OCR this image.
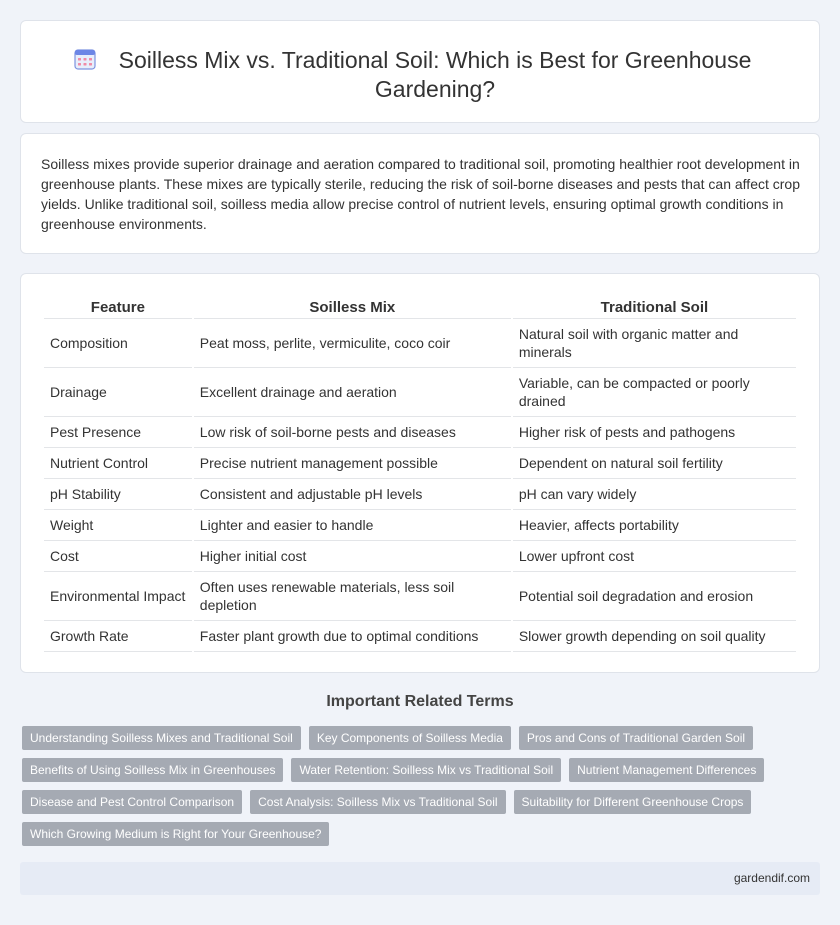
Soilless Mix vs. Traditional Soil: Which is Best for Greenhouse Gardening?

Soilless mixes provide superior drainage and aeration compared to traditional soil, promoting healthier root development in greenhouse plants. These mixes are typically sterile, reducing the risk of soil-borne diseases and pests that can affect crop yields. Unlike traditional soil, soilless media allow precise control of nutrient levels, ensuring optimal growth conditions in greenhouse environments.

Feature	Soilless Mix	Traditional Soil
Composition	Peat moss, perlite, vermiculite, coco coir	Natural soil with organic matter and minerals
Drainage	Excellent drainage and aeration	Variable, can be compacted or poorly drained
Pest Presence	Low risk of soil-borne pests and diseases	Higher risk of pests and pathogens
Nutrient Control	Precise nutrient management possible	Dependent on natural soil fertility
pH Stability	Consistent and adjustable pH levels	pH can vary widely
Weight	Lighter and easier to handle	Heavier, affects portability
Cost	Higher initial cost	Lower upfront cost
Environmental Impact	Often uses renewable materials, less soil depletion	Potential soil degradation and erosion
Growth Rate	Faster plant growth due to optimal conditions	Slower growth depending on soil quality
Important Related Terms
Understanding Soilless Mixes and Traditional Soil	Key Components of Soilless Media	Pros and Cons of Traditional Garden Soil
Benefits of Using Soilless Mix in Greenhouses	Water Retention: Soilless Mix vs Traditional Soil	Nutrient Management Differences
Disease and Pest Control Comparison	Cost Analysis: Soilless Mix vs Traditional Soil	Suitability for Different Greenhouse Crops
Which Growing Medium is Right for Your Greenhouse?
gardendif.com
